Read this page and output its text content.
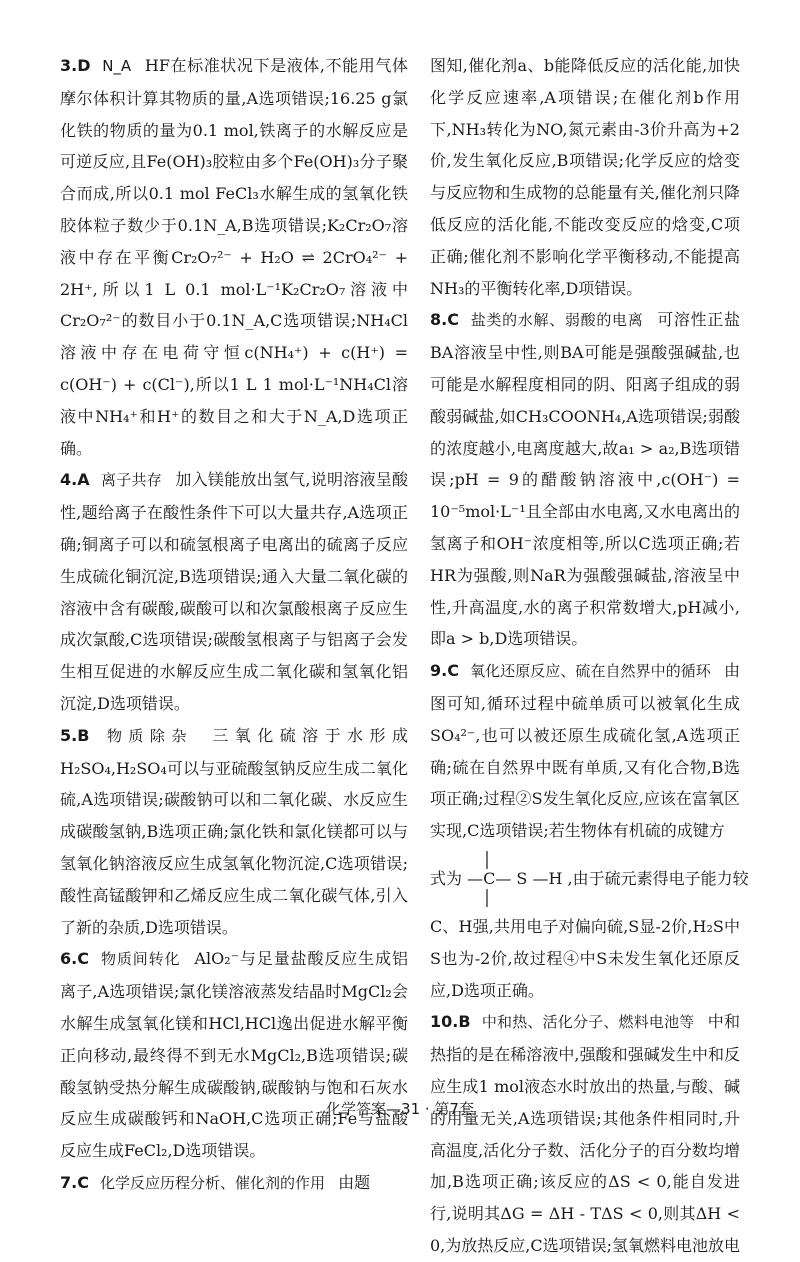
3.D N_A HF在标准状况下是液体,不能用气体摩尔体积计算其物质的量,A选项错误;16.25 g氯化铁的物质的量为0.1 mol,铁离子的水解反应是可逆反应,且Fe(OH)₃胶粒由多个Fe(OH)₃分子聚合而成,所以0.1 mol FeCl₃水解生成的氢氧化铁胶体粒子数少于0.1N_A,B选项错误;K₂Cr₂O₇溶液中存在平衡Cr₂O₇²⁻ + H₂O ⇌ 2CrO₄²⁻ + 2H⁺,所以1 L 0.1 mol·L⁻¹K₂Cr₂O₇溶液中Cr₂O₇²⁻的数目小于0.1N_A,C选项错误;NH₄Cl溶液中存在电荷守恒c(NH₄⁺) + c(H⁺) = c(OH⁻) + c(Cl⁻),所以1 L 1 mol·L⁻¹NH₄Cl溶液中NH₄⁺和H⁺的数目之和大于N_A,D选项正确。

4.A 离子共存 加入镁能放出氢气,说明溶液呈酸性,题给离子在酸性条件下可以大量共存,A选项正确;铜离子可以和硫氢根离子电离出的硫离子反应生成硫化铜沉淀,B选项错误;通入大量二氧化碳的溶液中含有碳酸,碳酸可以和次氯酸根离子反应生成次氯酸,C选项错误;碳酸氢根离子与铝离子会发生相互促进的水解反应生成二氧化碳和氢氧化铝沉淀,D选项错误。

5.B 物质除杂 三氧化硫溶于水形成H₂SO₄,H₂SO₄可以与亚硫酸氢钠反应生成二氧化硫,A选项错误;碳酸钠可以和二氧化碳、水反应生成碳酸氢钠,B选项正确;氯化铁和氯化镁都可以与氢氧化钠溶液反应生成氢氧化物沉淀,C选项错误;酸性高锰酸钾和乙烯反应生成二氧化碳气体,引入了新的杂质,D选项错误。

6.C 物质间转化 AlO₂⁻与足量盐酸反应生成铝离子,A选项错误;氯化镁溶液蒸发结晶时MgCl₂会水解生成氢氧化镁和HCl,HCl逸出促进水解平衡正向移动,最终得不到无水MgCl₂,B选项错误;碳酸氢钠受热分解生成碳酸钠,碳酸钠与饱和石灰水反应生成碳酸钙和NaOH,C选项正确;Fe与盐酸反应生成FeCl₂,D选项错误。

7.C 化学反应历程分析、催化剂的作用 由题

图知,催化剂a、b能降低反应的活化能,加快化学反应速率,A项错误;在催化剂b作用下,NH₃转化为NO,氮元素由-3价升高为+2价,发生氧化反应,B项错误;化学反应的焓变与反应物和生成物的总能量有关,催化剂只降低反应的活化能,不能改变反应的焓变,C项正确;催化剂不影响化学平衡移动,不能提高NH₃的平衡转化率,D项错误。

8.C 盐类的水解、弱酸的电离 可溶性正盐BA溶液呈中性,则BA可能是强酸强碱盐,也可能是水解程度相同的阴、阳离子组成的弱酸弱碱盐,如CH₃COONH₄,A选项错误;弱酸的浓度越小,电离度越大,故a₁ > a₂,B选项错误;pH = 9的醋酸钠溶液中,c(OH⁻) = 10⁻⁵mol·L⁻¹且全部由水电离,又水电离出的氢离子和OH⁻浓度相等,所以C选项正确;若HR为强酸,则NaR为强酸强碱盐,溶液呈中性,升高温度,水的离子积常数增大,pH减小,即a > b,D选项错误。

9.C 氧化还原反应、硫在自然界中的循环 由图可知,循环过程中硫单质可以被氧化生成SO₄²⁻,也可以被还原生成硫化氢,A选项正确;硫在自然界中既有单质,又有化合物,B选项正确;过程②S发生氧化反应,应该在富氧区实现,C选项错误;若生物体有机硫的成键方

式为 —C— S —H ,由于硫元素得电子能力较

C、H强,共用电子对偏向硫,S显-2价,H₂S中S也为-2价,故过程④中S未发生氧化还原反应,D选项正确。

10.B 中和热、活化分子、燃料电池等 中和热指的是在稀溶液中,强酸和强碱发生中和反应生成1 mol液态水时放出的热量,与酸、碱的用量无关,A选项错误;其他条件相同时,升高温度,活化分子数、活化分子的百分数均增加,B选项正确;该反应的ΔS < 0,能自发进行,说明其ΔG = ΔH - TΔS < 0,则其ΔH < 0,为放热反应,C选项错误;氢氧燃料电池放电

化学答案—31 · 第7套
